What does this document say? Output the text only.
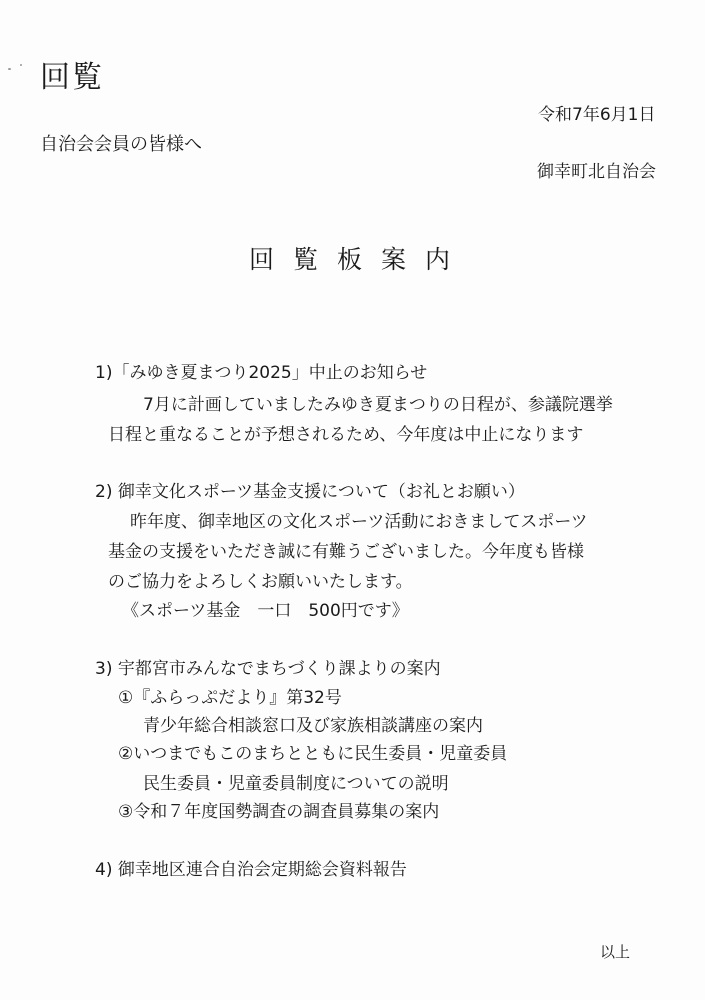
回覧
令和7年6月1日
自治会会員の皆様へ
御幸町北自治会
回覧板案内
1)「みゆき夏まつり2025」中止のお知らせ
7月に計画していましたみゆき夏まつりの日程が、参議院選挙
日程と重なることが予想されるため、今年度は中止になります
2) 御幸文化スポーツ基金支援について（お礼とお願い）
昨年度、御幸地区の文化スポーツ活動におきましてスポーツ
基金の支援をいただき誠に有難うございました。今年度も皆様
のご協力をよろしくお願いいたします。
《スポーツ基金　一口　500円です》
3) 宇都宮市みんなでまちづくり課よりの案内
①『ふらっぷだより』第32号
青少年総合相談窓口及び家族相談講座の案内
②いつまでもこのまちとともに民生委員・児童委員
民生委員・児童委員制度についての説明
③令和７年度国勢調査の調査員募集の案内
4) 御幸地区連合自治会定期総会資料報告
以上
